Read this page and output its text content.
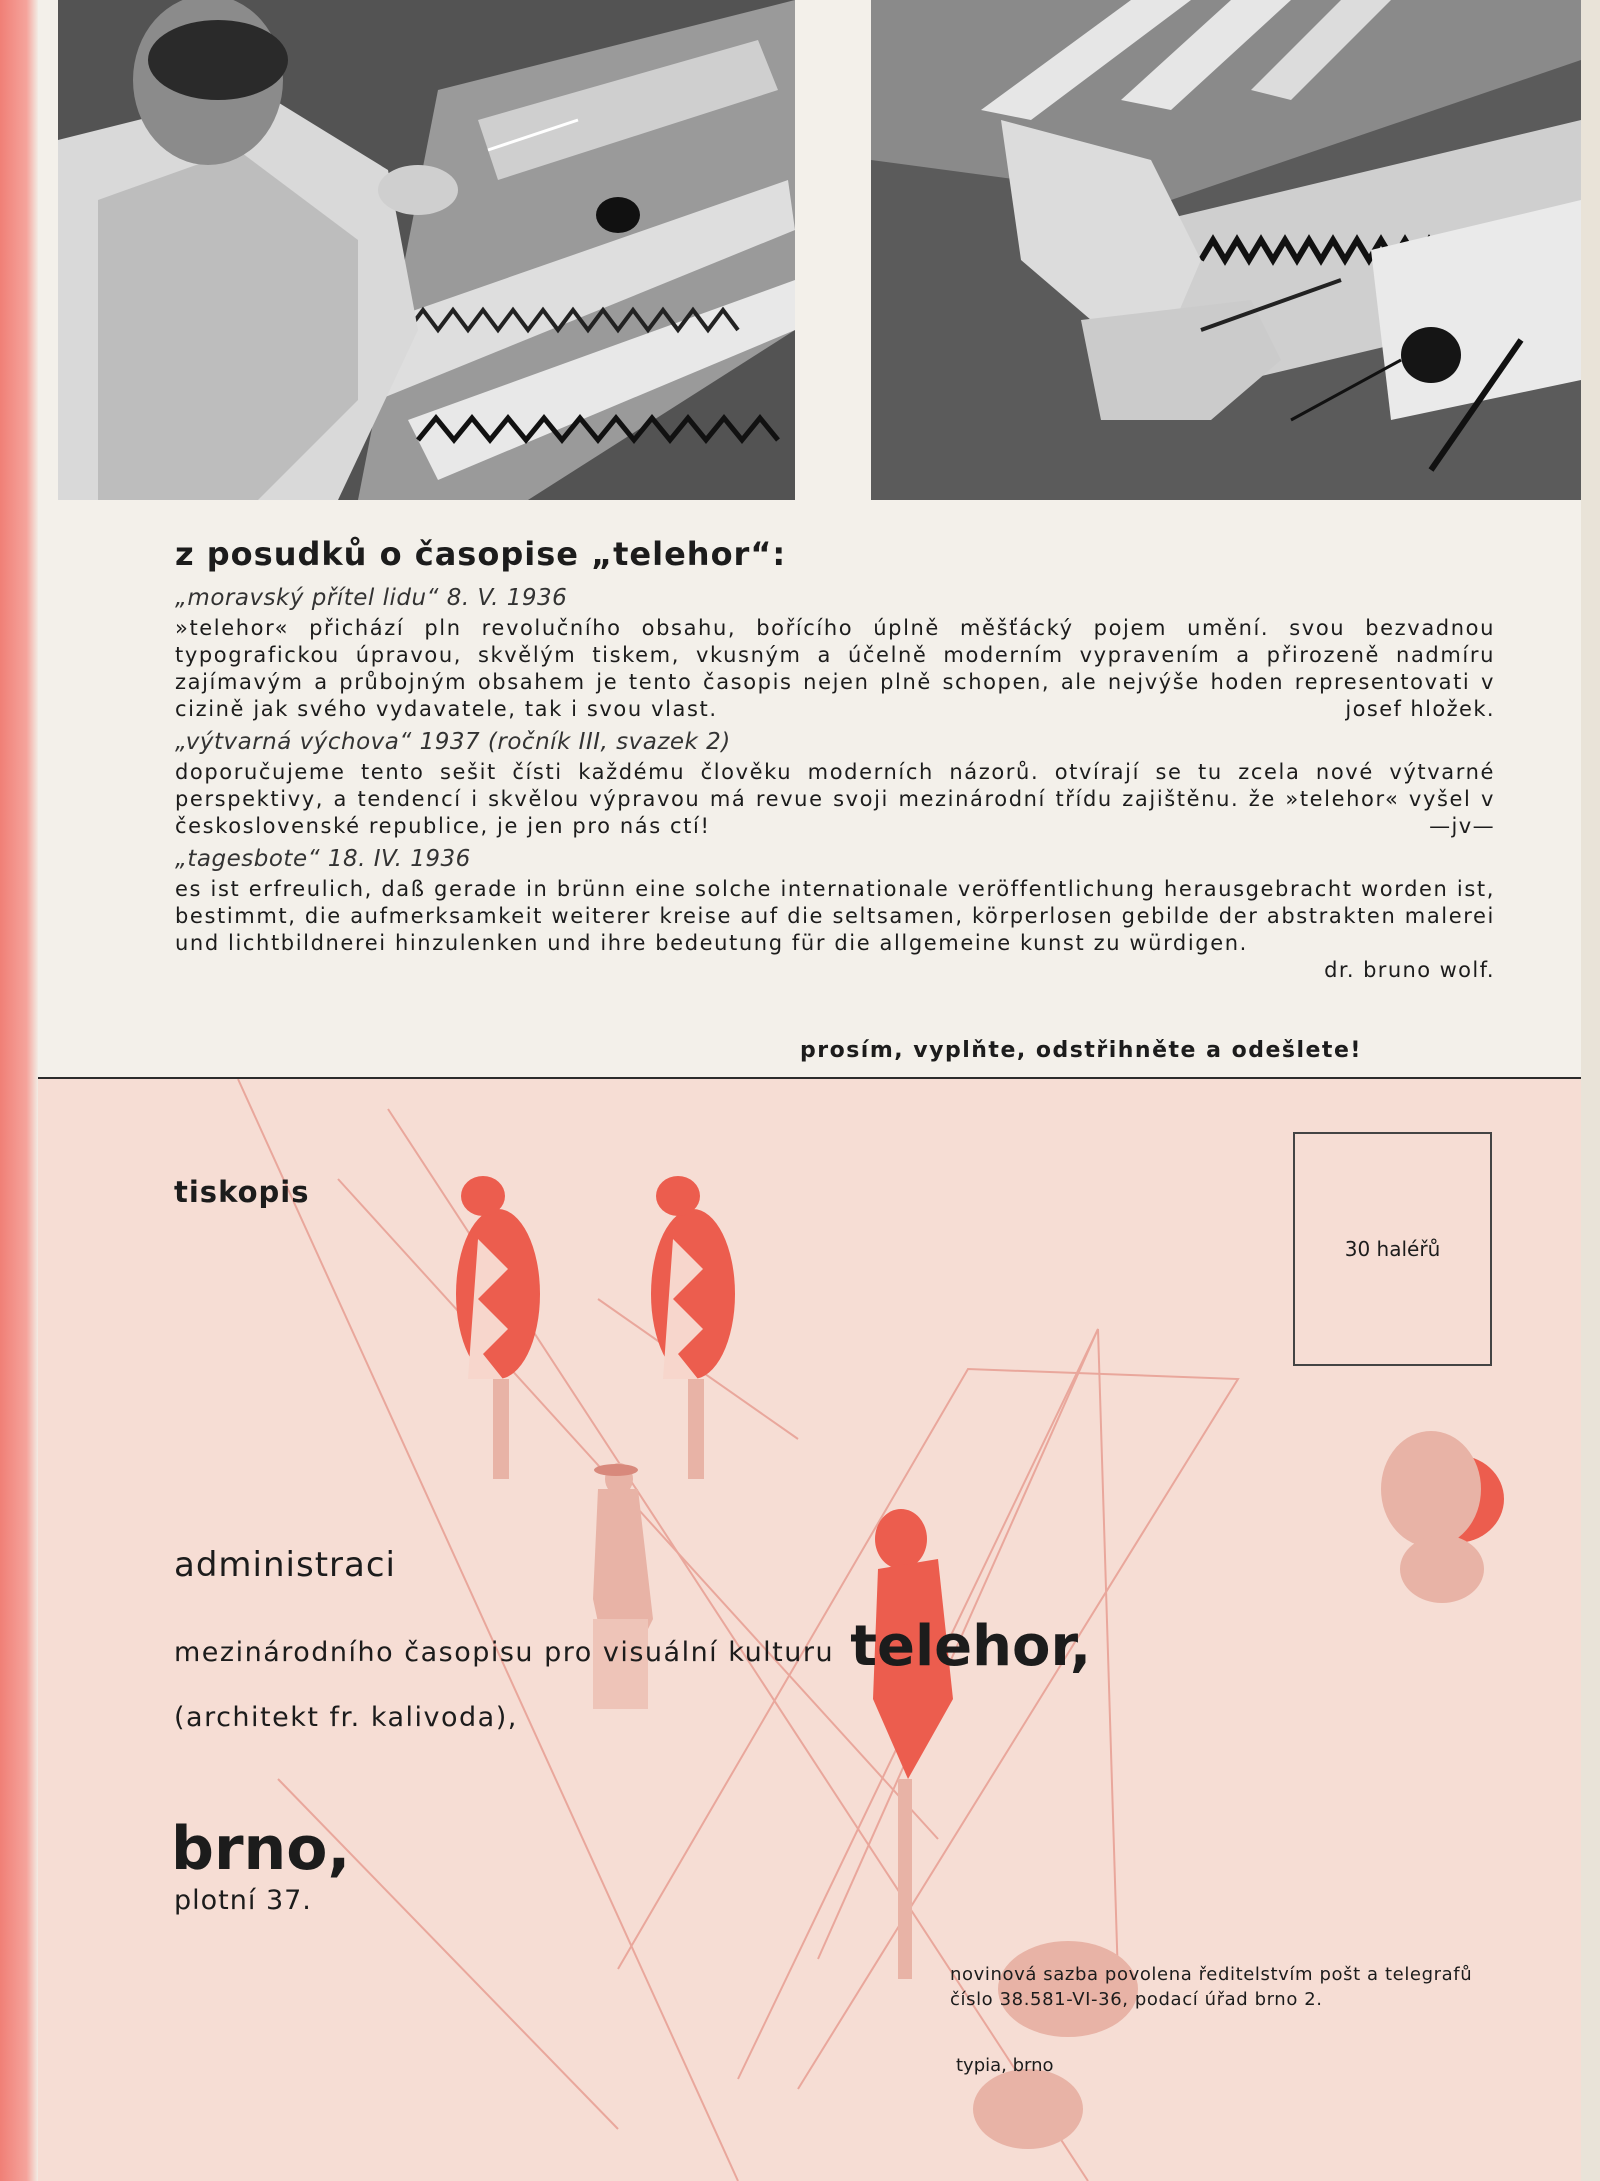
z posudků o časopise „telehor“:
„moravský přítel lidu“ 8. V. 1936
»telehor« přichází pln revolučního obsahu, bořícího úplně měšťácký pojem umění. svou bezvadnou typografickou úpravou, skvělým tiskem, vkusným a účelně moderním vypravením a přirozeně nadmíru zajímavým a průbojným obsahem je tento časopis nejen plně schopen, ale nejvýše hoden representovati v cizině jak svého vydavatele, tak i svou vlast.	josef hložek.
„výtvarná výchova“ 1937 (ročník III, svazek 2)
doporučujeme tento sešit čísti každému člověku moderních názorů. otvírají se tu zcela nové výtvarné perspektivy, a tendencí i skvělou výpravou má revue svoji mezinárodní třídu zajištěnu. že »telehor« vyšel v československé republice, je jen pro nás ctí!	—jv—
„tagesbote“ 18. IV. 1936
es ist erfreulich, daß gerade in brünn eine solche internationale veröffentlichung herausgebracht worden ist, bestimmt, die aufmerksamkeit weiterer kreise auf die seltsamen, körperlosen gebilde der abstrakten malerei und lichtbildnerei hinzulenken und ihre bedeutung für die allgemeine kunst zu würdigen.
dr. bruno wolf.
prosím, vyplňte, odstřihněte a odešlete!
tiskopis
30 haléřů
administraci
mezinárodního časopisu pro visuální kulturu telehor,
(architekt fr. kalivoda),
brno,
plotní 37.
novinová sazba povolena ředitelstvím pošt a telegrafů číslo 38.581-VI-36, podací úřad brno 2.
typia, brno
